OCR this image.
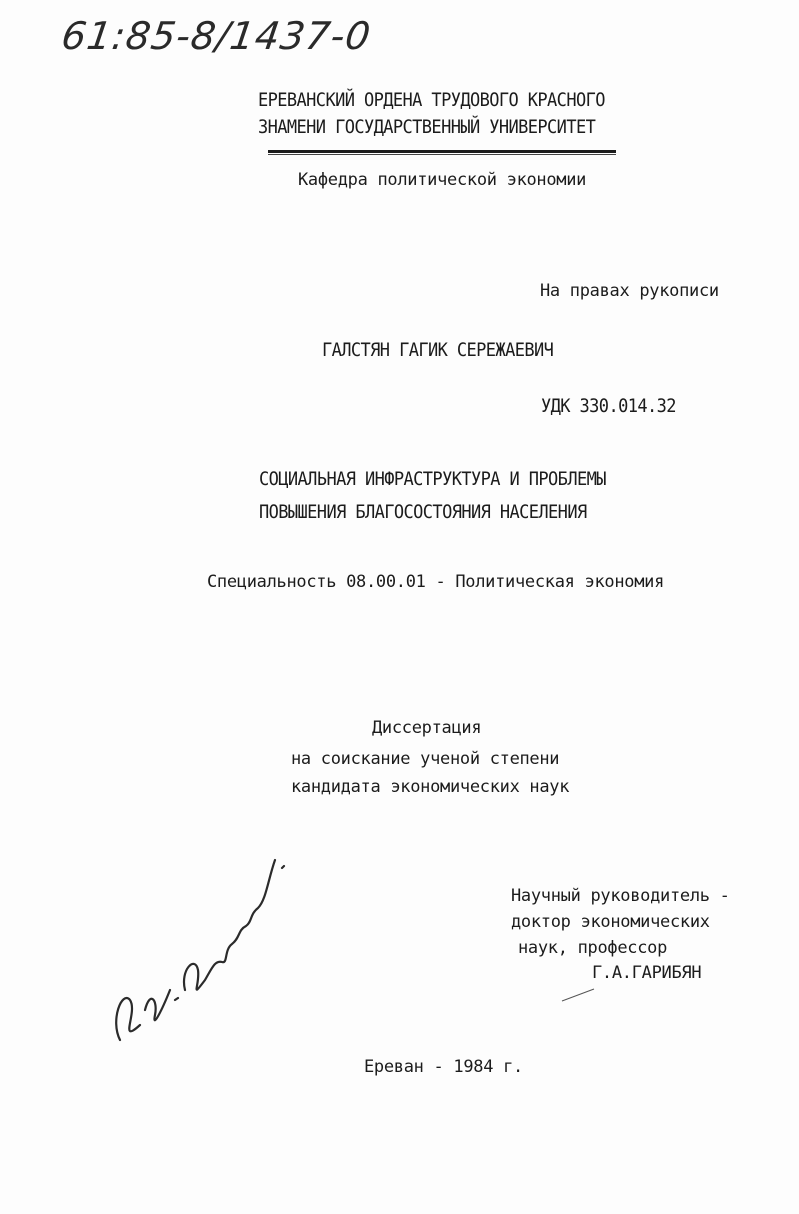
61:85-8/1437-0
ЕРЕВАНСКИЙ ОРДЕНА ТРУДОВОГО КРАСНОГО
ЗНАМЕНИ ГОСУДАРСТВЕННЫЙ УНИВЕРСИТЕТ
Кафедра политической экономии
На правах рукописи
ГАЛСТЯН ГАГИК СЕРЕЖАЕВИЧ
УДК 330.014.32
СОЦИАЛЬНАЯ ИНФРАСТРУКТУРА И ПРОБЛЕМЫ
ПОВЫШЕНИЯ БЛАГОСОСТОЯНИЯ НАСЕЛЕНИЯ
Специальность 08.00.01 - Политическая экономия
Диссертация
на соискание ученой степени
кандидата экономических наук
Научный руководитель -
доктор экономических
наук, профессор
Г.А.ГАРИБЯН
Ереван - 1984 г.
